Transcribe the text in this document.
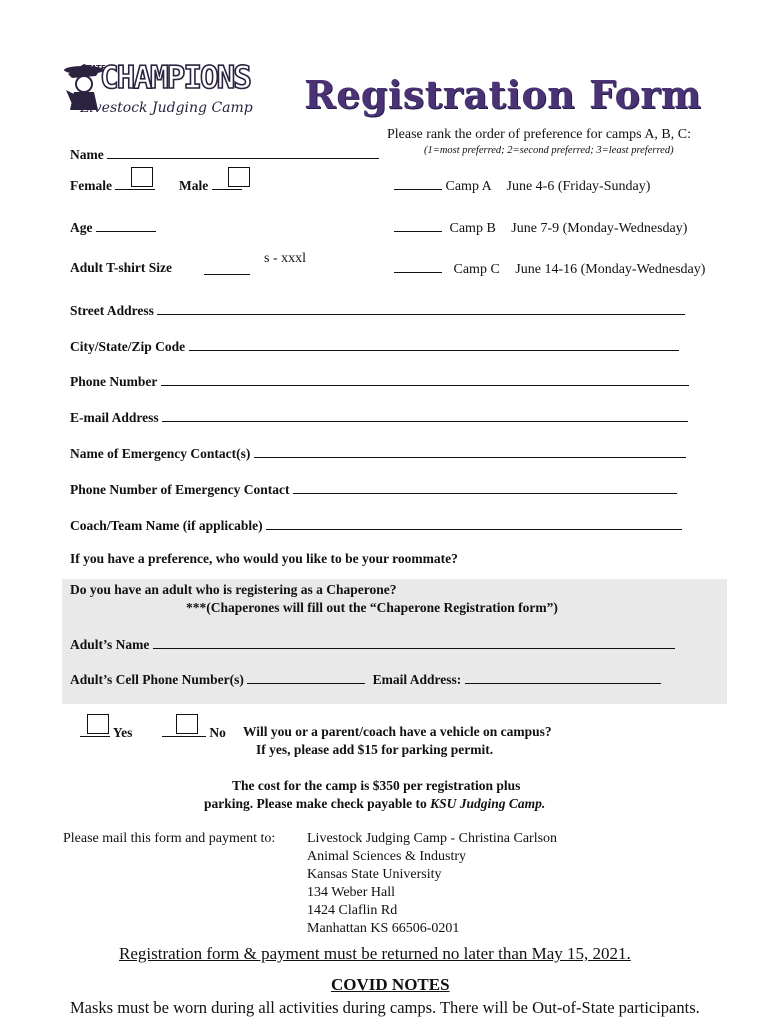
STATE
CHAMPIONS
Livestock Judging Camp Registration Form
Please rank the order of preference for camps A, B, C:
(1=most preferred; 2=second preferred; 3=least preferred)
Name
Female	Male
Age
Adult T-shirt Size
s - xxxl
Camp A June 4-6 (Friday-Sunday)
Camp B June 7-9 (Monday-Wednesday)
Camp C June 14-16 (Monday-Wednesday)
Street Address
City/State/Zip Code
Phone Number
E-mail Address
Name of Emergency Contact(s)
Phone Number of Emergency Contact
Coach/Team Name (if applicable)
If you have a preference, who would you like to be your roommate?
Do you have an adult who is registering as a Chaperone?
***(Chaperones will fill out the “Chaperone Registration form”)
Adult’s Name
Adult’s Cell Phone Number(s)	Email Address:
Yes	No Will you or a parent/coach have a vehicle on campus?
If yes, please add $15 for parking permit.
The cost for the camp is $350 per registration plus
parking. Please make check payable to KSU Judging Camp.
Please mail this form and payment to: Livestock Judging Camp - Christina Carlson
Animal Sciences & Industry
Kansas State University
134 Weber Hall
1424 Claflin Rd
Manhattan KS 66506-0201
Registration form & payment must be returned no later than May 15, 2021.
COVID NOTES
Masks must be worn during all activities during camps. There will be Out-of-State participants.
